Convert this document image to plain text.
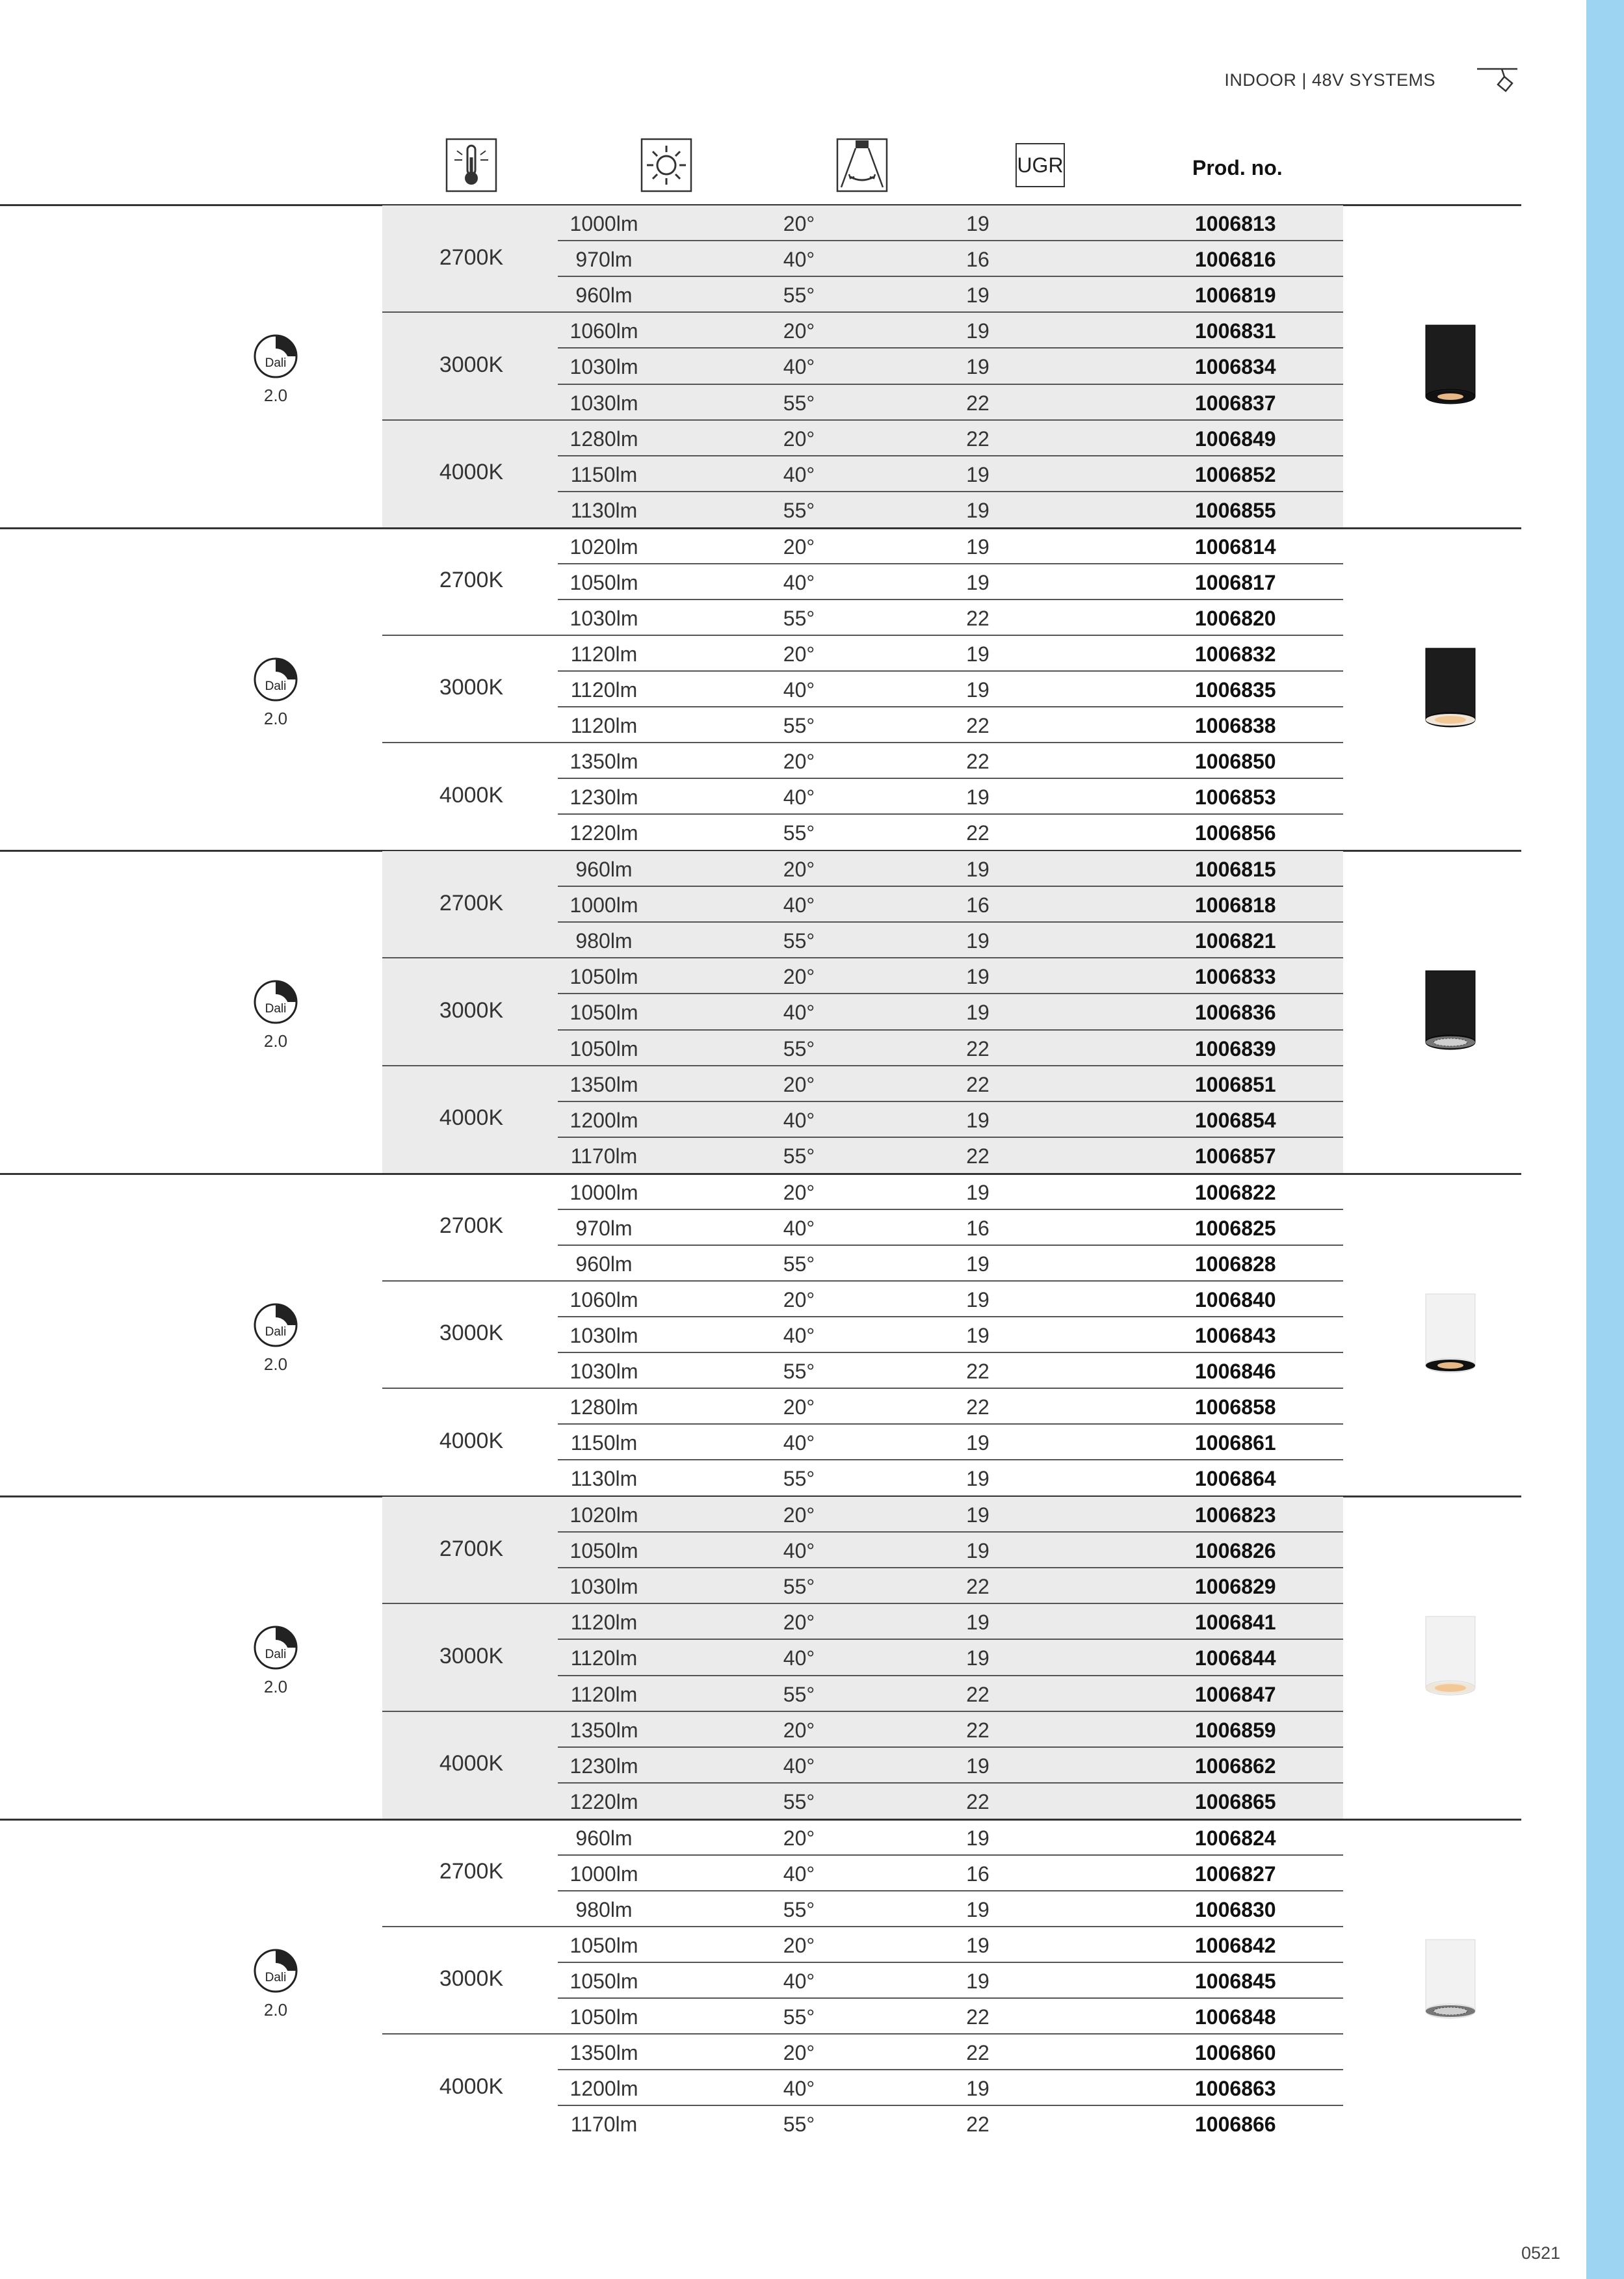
INDOOR | 48V SYSTEMS
UGR	Prod. no.
Dali
2.0
2700K
1000lm	20°	19	1006813
970lm	40°	16	1006816
960lm	55°	19	1006819
3000K
1060lm	20°	19	1006831
1030lm	40°	19	1006834
1030lm	55°	22	1006837
4000K
1280lm	20°	22	1006849
1150lm	40°	19	1006852
1130lm	55°	19	1006855
Dali
2.0
2700K
1020lm	20°	19	1006814
1050lm	40°	19	1006817
1030lm	55°	22	1006820
3000K
1120lm	20°	19	1006832
1120lm	40°	19	1006835
1120lm	55°	22	1006838
4000K
1350lm	20°	22	1006850
1230lm	40°	19	1006853
1220lm	55°	22	1006856
Dali
2.0
2700K
960lm	20°	19	1006815
1000lm	40°	16	1006818
980lm	55°	19	1006821
3000K
1050lm	20°	19	1006833
1050lm	40°	19	1006836
1050lm	55°	22	1006839
4000K
1350lm	20°	22	1006851
1200lm	40°	19	1006854
1170lm	55°	22	1006857
Dali
2.0
2700K
1000lm	20°	19	1006822
970lm	40°	16	1006825
960lm	55°	19	1006828
3000K
1060lm	20°	19	1006840
1030lm	40°	19	1006843
1030lm	55°	22	1006846
4000K
1280lm	20°	22	1006858
1150lm	40°	19	1006861
1130lm	55°	19	1006864
Dali
2.0
2700K
1020lm	20°	19	1006823
1050lm	40°	19	1006826
1030lm	55°	22	1006829
3000K
1120lm	20°	19	1006841
1120lm	40°	19	1006844
1120lm	55°	22	1006847
4000K
1350lm	20°	22	1006859
1230lm	40°	19	1006862
1220lm	55°	22	1006865
Dali
2.0
2700K
960lm	20°	19	1006824
1000lm	40°	16	1006827
980lm	55°	19	1006830
3000K
1050lm	20°	19	1006842
1050lm	40°	19	1006845
1050lm	55°	22	1006848
4000K
1350lm	20°	22	1006860
1200lm	40°	19	1006863
1170lm	55°	22	1006866
0521
